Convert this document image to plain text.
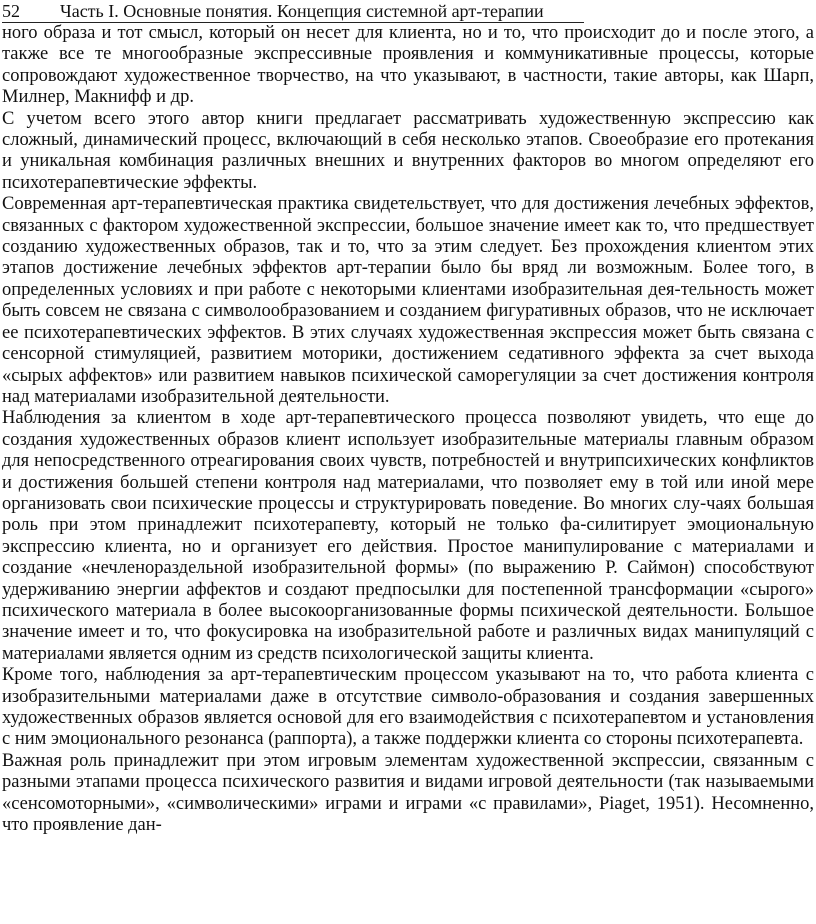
52 Часть I. Основные понятия. Концепция системной арт-терапии

ного образа и тот смысл, который он несет для клиента, но и то, что происходит до и после этого, а также все те многообразные экспрессивные проявления и коммуникативные процессы, которые сопровождают художественное творчество, на что указывают, в частности, такие авторы, как Шарп, Милнер, Макнифф и др.

С учетом всего этого автор книги предлагает рассматривать художественную экспрессию как сложный, динамический процесс, включающий в себя несколько этапов. Своеобразие его протекания и уникальная комбинация различных внешних и внутренних факторов во многом определяют его психотерапевтические эффекты.

Современная арт-терапевтическая практика свидетельствует, что для достижения лечебных эффектов, связанных с фактором художественной экспрессии, большое значение имеет как то, что предшествует созданию художественных образов, так и то, что за этим следует. Без прохождения клиентом этих этапов достижение лечебных эффектов арт-терапии было бы вряд ли возможным. Более того, в определенных условиях и при работе с некоторыми клиентами изобразительная дея-тельность может быть совсем не связана с символообразованием и созданием фигуративных образов, что не исключает ее психотерапевтических эффектов. В этих случаях художественная экспрессия может быть связана с сенсорной стимуляцией, развитием моторики, достижением седативного эффекта за счет выхода «сырых аффектов» или развитием навыков психической саморегуляции за счет достижения контроля над материалами изобразительной деятельности.

Наблюдения за клиентом в ходе арт-терапевтического процесса позволяют увидеть, что еще до создания художественных образов клиент использует изобразительные материалы главным образом для непосредственного отреагирования своих чувств, потребностей и внутрипсихических конфликтов и достижения большей степени контроля над материалами, что позволяет ему в той или иной мере организовать свои психические процессы и структурировать поведение. Во многих слу-чаях большая роль при этом принадлежит психотерапевту, который не только фа-силитирует эмоциональную экспрессию клиента, но и организует его действия. Простое манипулирование с материалами и создание «нечленораздельной изобразительной формы» (по выражению Р. Саймон) способствуют удерживанию энергии аффектов и создают предпосылки для постепенной трансформации «сырого» психического материала в более высокоорганизованные формы психической деятельности. Большое значение имеет и то, что фокусировка на изобразительной работе и различных видах манипуляций с материалами является одним из средств психологической защиты клиента.

Кроме того, наблюдения за арт-терапевтическим процессом указывают на то, что работа клиента с изобразительными материалами даже в отсутствие символо-образования и создания завершенных художественных образов является основой для его взаимодействия с психотерапевтом и установления с ним эмоционального резонанса (раппорта), а также поддержки клиента со стороны психотерапевта.

Важная роль принадлежит при этом игровым элементам художественной экспрессии, связанным с разными этапами процесса психического развития и видами игровой деятельности (так называемыми «сенсомоторными», «символическими» играми и играми «с правилами», Piaget, 1951). Несомненно, что проявление дан-
